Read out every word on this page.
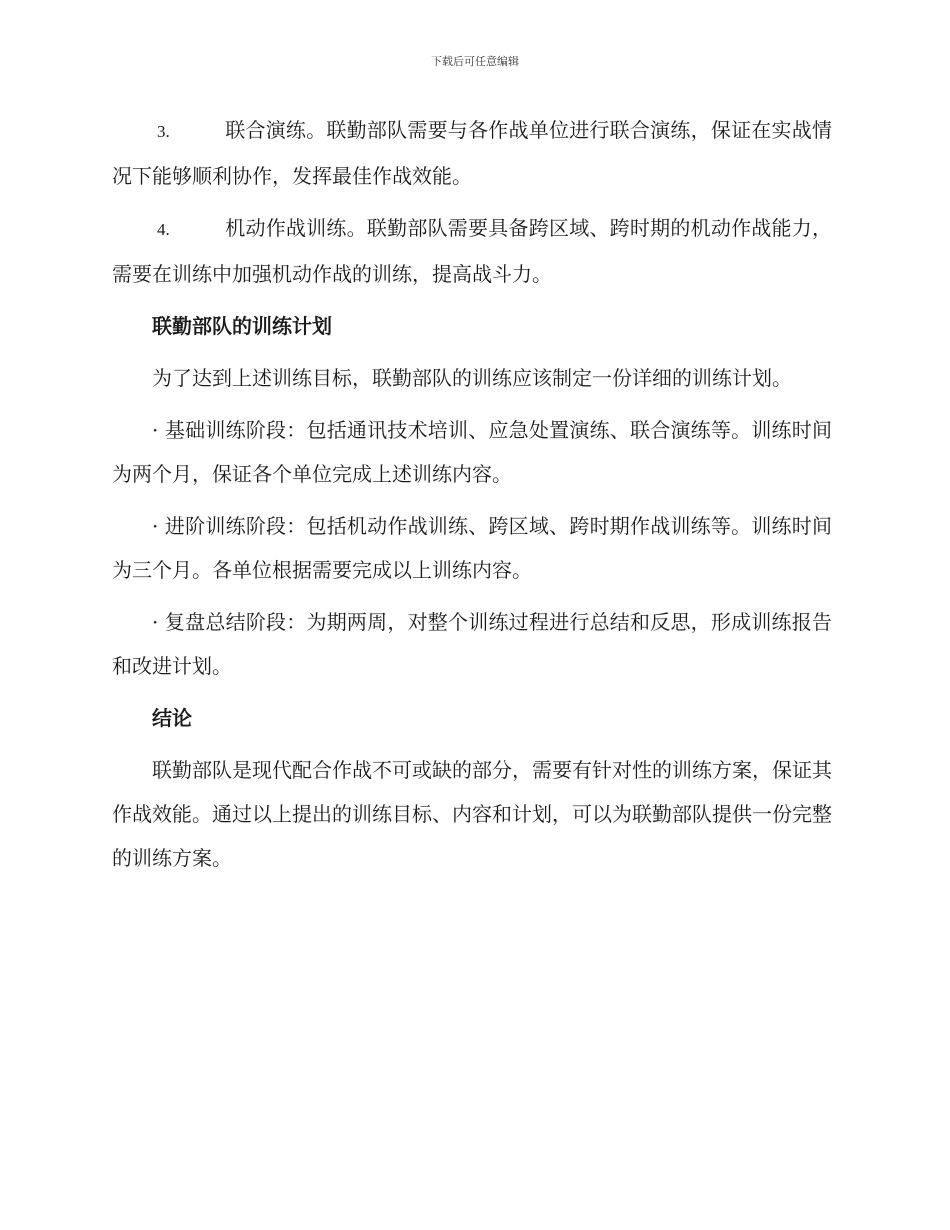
下载后可任意编辑

3.	联合演练。联勤部队需要与各作战单位进行联合演练，保证在实战情况下能够顺利协作，发挥最佳作战效能。

4.	机动作战训练。联勤部队需要具备跨区域、跨时期的机动作战能力，需要在训练中加强机动作战的训练，提高战斗力。

联勤部队的训练计划

为了达到上述训练目标，联勤部队的训练应该制定一份详细的训练计划。

· 基础训练阶段：包括通讯技术培训、应急处置演练、联合演练等。训练时间为两个月，保证各个单位完成上述训练内容。

· 进阶训练阶段：包括机动作战训练、跨区域、跨时期作战训练等。训练时间为三个月。各单位根据需要完成以上训练内容。

· 复盘总结阶段：为期两周，对整个训练过程进行总结和反思，形成训练报告和改进计划。

结论

联勤部队是现代配合作战不可或缺的部分，需要有针对性的训练方案，保证其作战效能。通过以上提出的训练目标、内容和计划，可以为联勤部队提供一份完整的训练方案。
